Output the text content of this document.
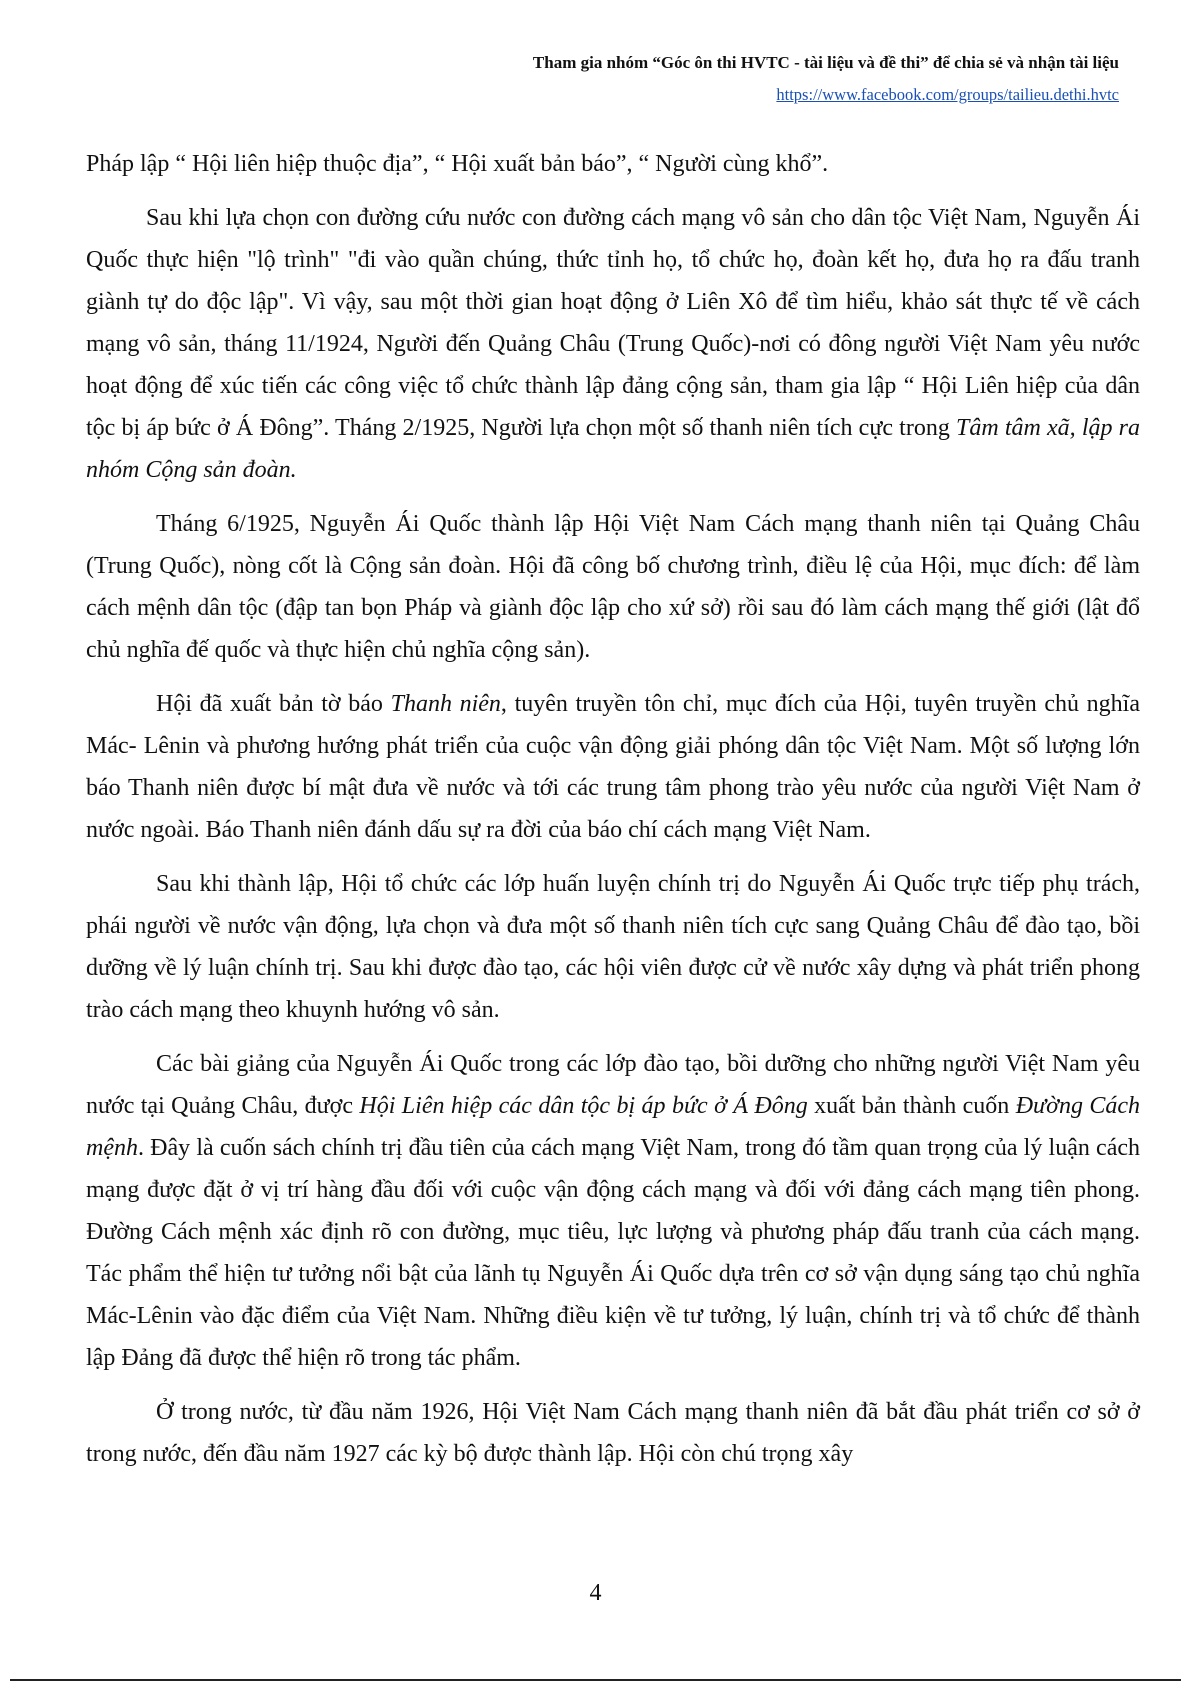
Tham gia nhóm “Góc ôn thi HVTC - tài liệu và đề thi” để chia sẻ và nhận tài liệu

https://www.facebook.com/groups/tailieu.dethi.hvtc

Pháp lập “ Hội liên hiệp thuộc địa”, “ Hội xuất bản báo”, “ Người cùng khổ”.

Sau khi lựa chọn con đường cứu nước con đường cách mạng vô sản cho dân tộc Việt Nam, Nguyễn Ái Quốc thực hiện "lộ trình" "đi vào quần chúng, thức tỉnh họ, tổ chức họ, đoàn kết họ, đưa họ ra đấu tranh giành tự do độc lập". Vì vậy, sau một thời gian hoạt động ở Liên Xô để tìm hiểu, khảo sát thực tế về cách mạng vô sản, tháng 11/1924, Người đến Quảng Châu (Trung Quốc)-nơi có đông người Việt Nam yêu nước hoạt động để xúc tiến các công việc tổ chức thành lập đảng cộng sản, tham gia lập “ Hội Liên hiệp của dân tộc bị áp bức ở Á Đông”. Tháng 2/1925, Người lựa chọn một số thanh niên tích cực trong Tâm tâm xã, lập ra nhóm Cộng sản đoàn.

Tháng 6/1925, Nguyễn Ái Quốc thành lập Hội Việt Nam Cách mạng thanh niên tại Quảng Châu (Trung Quốc), nòng cốt là Cộng sản đoàn. Hội đã công bố chương trình, điều lệ của Hội, mục đích: để làm cách mệnh dân tộc (đập tan bọn Pháp và giành độc lập cho xứ sở) rồi sau đó làm cách mạng thế giới (lật đổ chủ nghĩa đế quốc và thực hiện chủ nghĩa cộng sản).

Hội đã xuất bản tờ báo Thanh niên, tuyên truyền tôn chỉ, mục đích của Hội, tuyên truyền chủ nghĩa Mác- Lênin và phương hướng phát triển của cuộc vận động giải phóng dân tộc Việt Nam. Một số lượng lớn báo Thanh niên được bí mật đưa về nước và tới các trung tâm phong trào yêu nước của người Việt Nam ở nước ngoài. Báo Thanh niên đánh dấu sự ra đời của báo chí cách mạng Việt Nam.

Sau khi thành lập, Hội tổ chức các lớp huấn luyện chính trị do Nguyễn Ái Quốc trực tiếp phụ trách, phái người về nước vận động, lựa chọn và đưa một số thanh niên tích cực sang Quảng Châu để đào tạo, bồi dưỡng về lý luận chính trị. Sau khi được đào tạo, các hội viên được cử về nước xây dựng và phát triển phong trào cách mạng theo khuynh hướng vô sản.

Các bài giảng của Nguyễn Ái Quốc trong các lớp đào tạo, bồi dưỡng cho những người Việt Nam yêu nước tại Quảng Châu, được Hội Liên hiệp các dân tộc bị áp bức ở Á Đông xuất bản thành cuốn Đường Cách mệnh. Đây là cuốn sách chính trị đầu tiên của cách mạng Việt Nam, trong đó tầm quan trọng của lý luận cách mạng được đặt ở vị trí hàng đầu đối với cuộc vận động cách mạng và đối với đảng cách mạng tiên phong. Đường Cách mệnh xác định rõ con đường, mục tiêu, lực lượng và phương pháp đấu tranh của cách mạng. Tác phẩm thể hiện tư tưởng nổi bật của lãnh tụ Nguyễn Ái Quốc dựa trên cơ sở vận dụng sáng tạo chủ nghĩa Mác-Lênin vào đặc điểm của Việt Nam. Những điều kiện về tư tưởng, lý luận, chính trị và tổ chức để thành lập Đảng đã được thể hiện rõ trong tác phẩm.

Ở trong nước, từ đầu năm 1926, Hội Việt Nam Cách mạng thanh niên đã bắt đầu phát triển cơ sở ở trong nước, đến đầu năm 1927 các kỳ bộ được thành lập. Hội còn chú trọng xây

4
